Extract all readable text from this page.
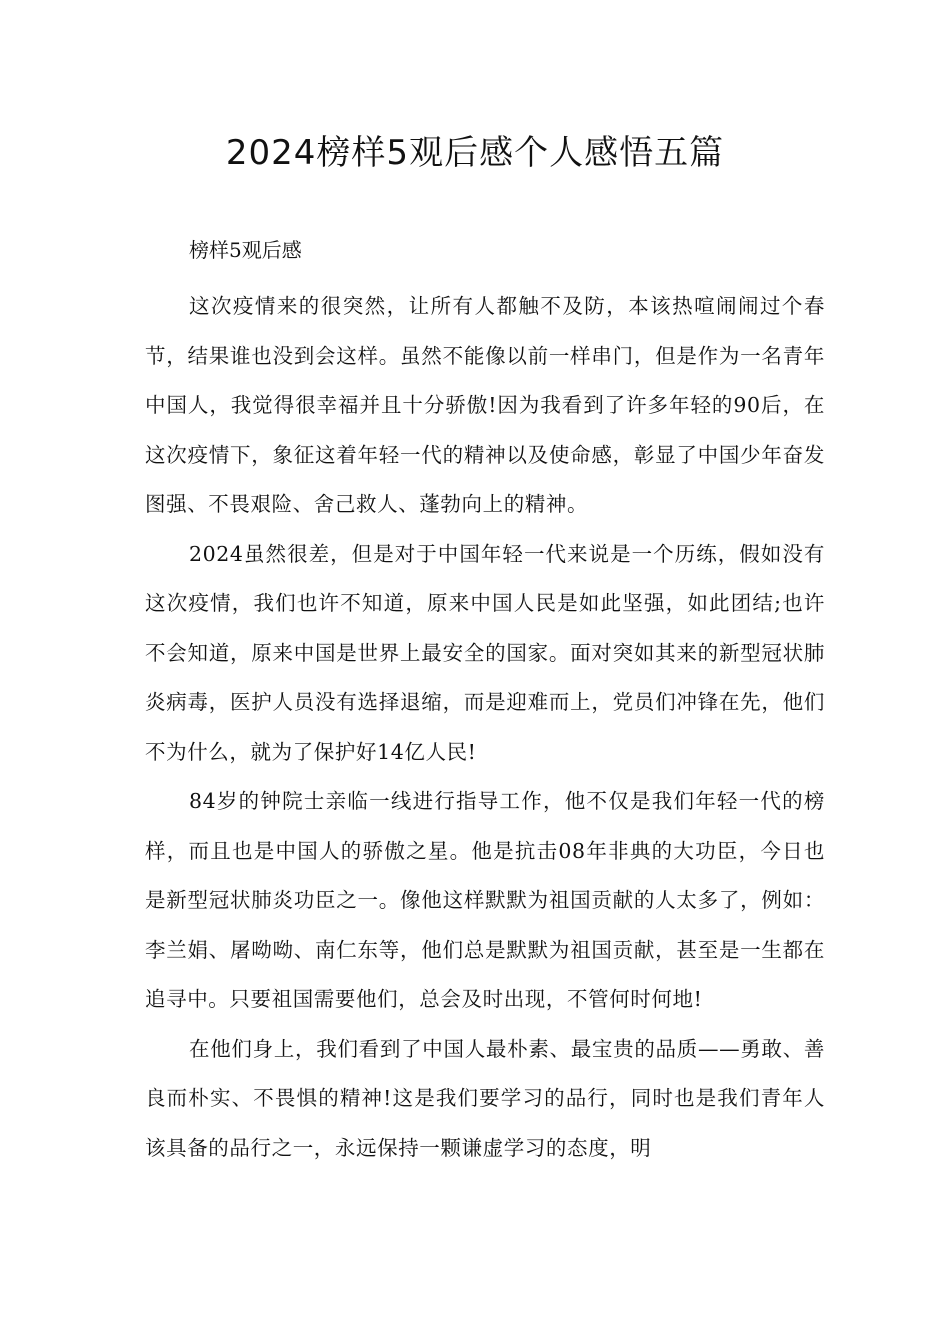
2024榜样5观后感个人感悟五篇
榜样5观后感

这次疫情来的很突然，让所有人都触不及防，本该热喧闹闹过个春节，结果谁也没到会这样。虽然不能像以前一样串门，但是作为一名青年中国人，我觉得很幸福并且十分骄傲!因为我看到了许多年轻的90后，在这次疫情下，象征这着年轻一代的精神以及使命感，彰显了中国少年奋发图强、不畏艰险、舍己救人、蓬勃向上的精神。

2024虽然很差，但是对于中国年轻一代来说是一个历练，假如没有这次疫情，我们也许不知道，原来中国人民是如此坚强，如此团结;也许不会知道，原来中国是世界上最安全的国家。面对突如其来的新型冠状肺炎病毒，医护人员没有选择退缩，而是迎难而上，党员们冲锋在先，他们不为什么，就为了保护好14亿人民!

84岁的钟院士亲临一线进行指导工作，他不仅是我们年轻一代的榜样，而且也是中国人的骄傲之星。他是抗击08年非典的大功臣，今日也是新型冠状肺炎功臣之一。像他这样默默为祖国贡献的人太多了，例如：李兰娟、屠呦呦、南仁东等，他们总是默默为祖国贡献，甚至是一生都在追寻中。只要祖国需要他们，总会及时出现，不管何时何地!

在他们身上，我们看到了中国人最朴素、最宝贵的品质——勇敢、善良而朴实、不畏惧的精神!这是我们要学习的品行，同时也是我们青年人该具备的品行之一，永远保持一颗谦虚学习的态度，明
